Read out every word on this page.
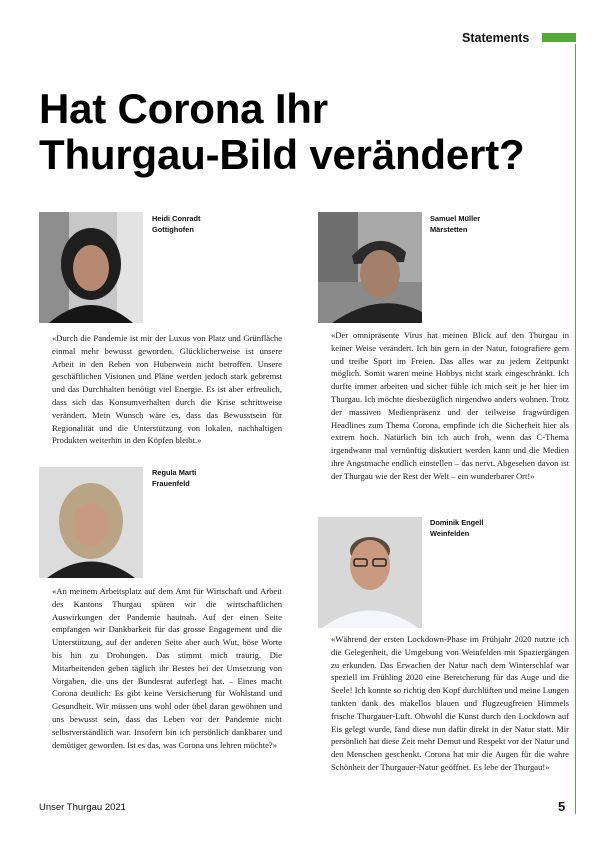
Statements
Hat Corona Ihr
Thurgau-Bild verändert?
Heidi Conradt
Gottighofen

«Durch die Pandemie ist mir der Luxus von Platz und Grünfläche einmal mehr bewusst geworden. Glücklicherweise ist unsere Arbeit in den Reben von Huberwein nicht betroffen. Unsere geschäftlichen Visionen und Pläne werden jedoch stark gebremst und das Durchhalten benötigt viel Energie. Es ist aber erfreulich, dass sich das Konsumverhalten durch die Krise schrittweise verändert. Mein Wunsch wäre es, dass das Bewusstsein für Regionalität und die Unterstützung von lokalen, nachhaltigen Produkten weiterhin in den Köpfen bleibt.»

Samuel Müller
Märstetten

«Der omnipräsente Virus hat meinen Blick auf den Thurgau in keiner Weise verändert. Ich bin gern in der Natur, fotografiere gern und treibe Sport im Freien. Das alles war zu jedem Zeitpunkt möglich. Somit waren meine Hobbys nicht stark eingeschränkt. Ich durfte immer arbeiten und sicher fühle ich mich seit je her hier im Thurgau. Ich möchte diesbezüglich nirgendwo anders wohnen. Trotz der massiven Medienpräsenz und der teilweise fragwürdigen Headlines zum Thema Corona, empfinde ich die Sicherheit hier als extrem hoch. Natürlich bin ich auch froh, wenn das C-Thema irgendwann mal vernünftig diskutiert werden kann und die Medien ihre Angstmache endlich einstellen – das nervt. Abgesehen davon ist der Thurgau wie der Rest der Welt – ein wunderbarer Ort!»

Regula Marti
Frauenfeld

«An meinem Arbeitsplatz auf dem Amt für Wirtschaft und Arbeit des Kantons Thurgau spüren wir die wirtschaftlichen Auswirkungen der Pandemie hautnah. Auf der einen Seite empfangen wir Dankbarkeit für das grosse Engagement und die Unterstützung, auf der anderen Seite aber auch Wut, böse Worte bis hin zu Drohungen. Das stimmt mich traurig. Die Mitarbeitenden geben täglich ihr Bestes bei der Umsetzung von Vorgaben, die uns der Bundesrat auferlegt hat. – Eines macht Corona deutlich: Es gibt keine Versicherung für Wohlstand und Gesundheit. Wir müssen uns wohl oder übel daran gewöhnen und uns bewusst sein, dass das Leben vor der Pandemie nicht selbstverständlich war. Insofern bin ich persönlich dankbarer und demütiger geworden. Ist es das, was Corona uns lehren möchte?»

Dominik Engell
Weinfelden

«Während der ersten Lockdown-Phase im Frühjahr 2020 nutzte ich die Gelegenheit, die Umgebung von Weinfelden mit Spaziergängen zu erkunden. Das Erwachen der Natur nach dem Winterschlaf war speziell im Frühling 2020 eine Bereicherung für das Auge und die Seele! Ich konnte so richtig den Kopf durchlüften und meine Lungen tankten dank des makellos blauen und flugzeugfreien Himmels frische Thurgauer-Luft. Obwohl die Kunst durch den Lockdown auf Eis gelegt wurde, fand diese nun dafür direkt in der Natur statt. Mir persönlich hat diese Zeit mehr Demut und Respekt vor der Natur und den Menschen geschenkt. Corona hat mir die Augen für die wahre Schönheit der Thurgauer-Natur geöffnet. Es lebe der Thurgau!»

Unser Thurgau 2021	5
